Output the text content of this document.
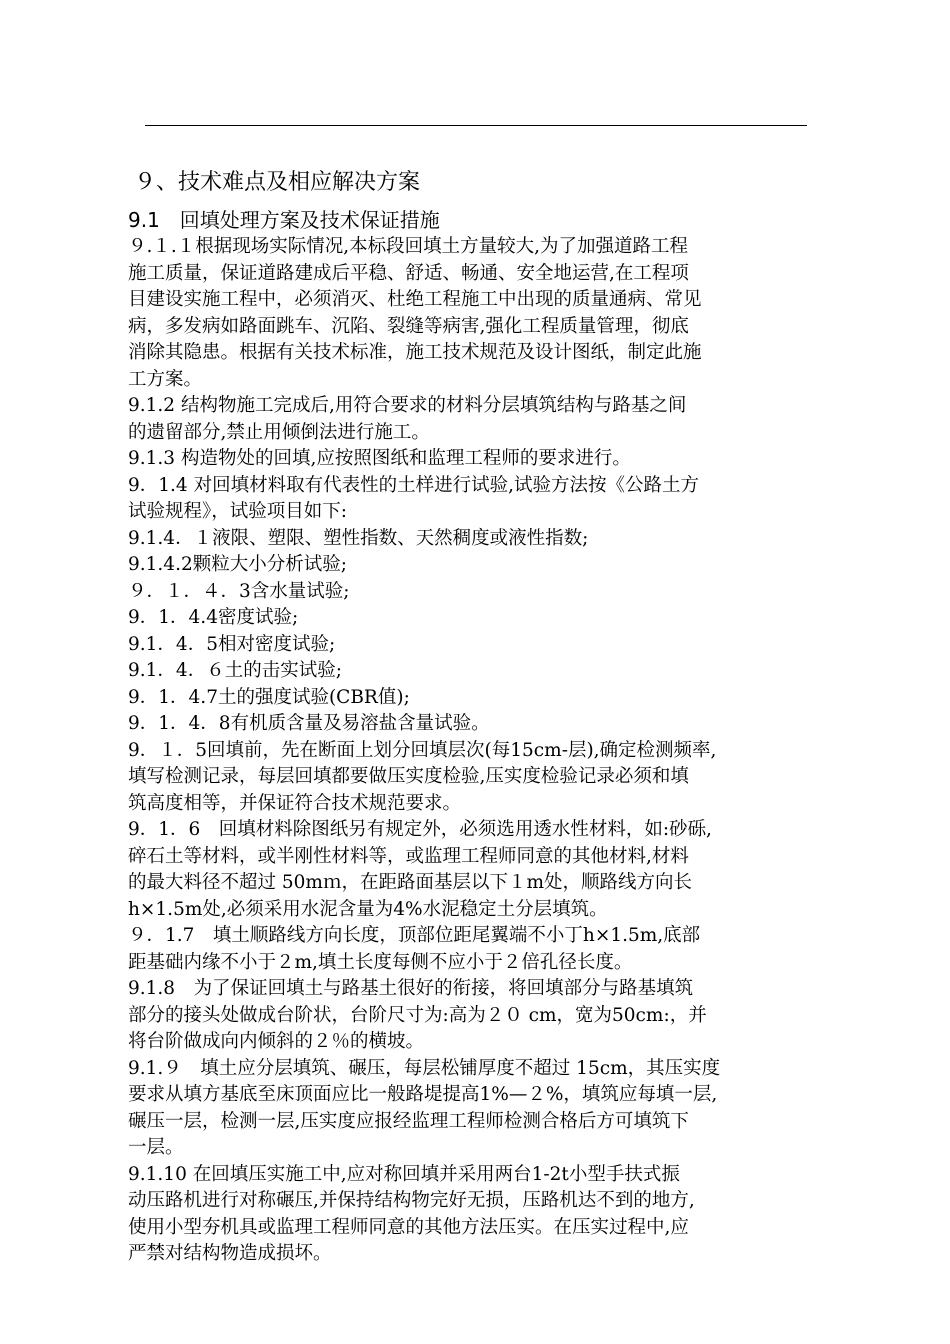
９、技术难点及相应解决方案
9.1　回填处理方案及技术保证措施
９.１.１根据现场实际情况,本标段回填土方量较大,为了加强道路工程
施工质量，保证道路建成后平稳、舒适、畅通、安全地运营,在工程项
目建设实施工程中，必须消灭、杜绝工程施工中出现的质量通病、常见
病，多发病如路面跳车、沉陷、裂缝等病害,强化工程质量管理，彻底
消除其隐患。根据有关技术标准，施工技术规范及设计图纸，制定此施
工方案。
9.1.2 结构物施工完成后,用符合要求的材料分层填筑结构与路基之间
的遗留部分,禁止用倾倒法进行施工。
9.1.3 构造物处的回填,应按照图纸和监理工程师的要求进行。
9．1.4 对回填材料取有代表性的土样进行试验,试验方法按《公路土方
试验规程》，试验项目如下:
9.1.4．１液限、塑限、塑性指数、天然稠度或液性指数;
9.1.4.2颗粒大小分析试验;
９．１．４．3含水量试验;
9．1．4.4密度试验;
9.1．4．5相对密度试验;
9.1．4．６土的击实试验;
9．1．4.7土的强度试验(CBR值);
9．1．4．8有机质含量及易溶盐含量试验。
9．１．5回填前，先在断面上划分回填层次(每15cm-层),确定检测频率,
填写检测记录，每层回填都要做压实度检验,压实度检验记录必须和填
筑高度相等，并保证符合技术规范要求。
9．1．6　回填材料除图纸另有规定外，必须选用透水性材料，如:砂砾,
碎石土等材料，或半刚性材料等，或监理工程师同意的其他材料,材料
的最大料径不超过 50mｍ，在距路面基层以下１m处，顺路线方向长
h×1.5m处,必须采用水泥含量为4%水泥稳定土分层填筑。
９．1.7　填土顺路线方向长度，顶部位距尾翼端不小丁h×1.5m,底部
距基础内缘不小于２m,填土长度每侧不应小于２倍孔径长度。
9.1.8　为了保证回填土与路基土很好的衔接，将回填部分与路基填筑
部分的接头处做成台阶状，台阶尺寸为:高为２０ cm，宽为50cm:，并
将台阶做成向内倾斜的２％的横坡。
9.1.９　填土应分层填筑、碾压，每层松铺厚度不超过 15cm，其压实度
要求从填方基底至床顶面应比一般路堤提高1%—２%，填筑应每填一层,
碾压一层，检测一层,压实度应报经监理工程师检测合格后方可填筑下
一层。
9.1.10 在回填压实施工中,应对称回填并采用两台1-2t小型手扶式振
动压路机进行对称碾压,并保持结构物完好无损，压路机达不到的地方,
使用小型夯机具或监理工程师同意的其他方法压实。在压实过程中,应
严禁对结构物造成损坏。
